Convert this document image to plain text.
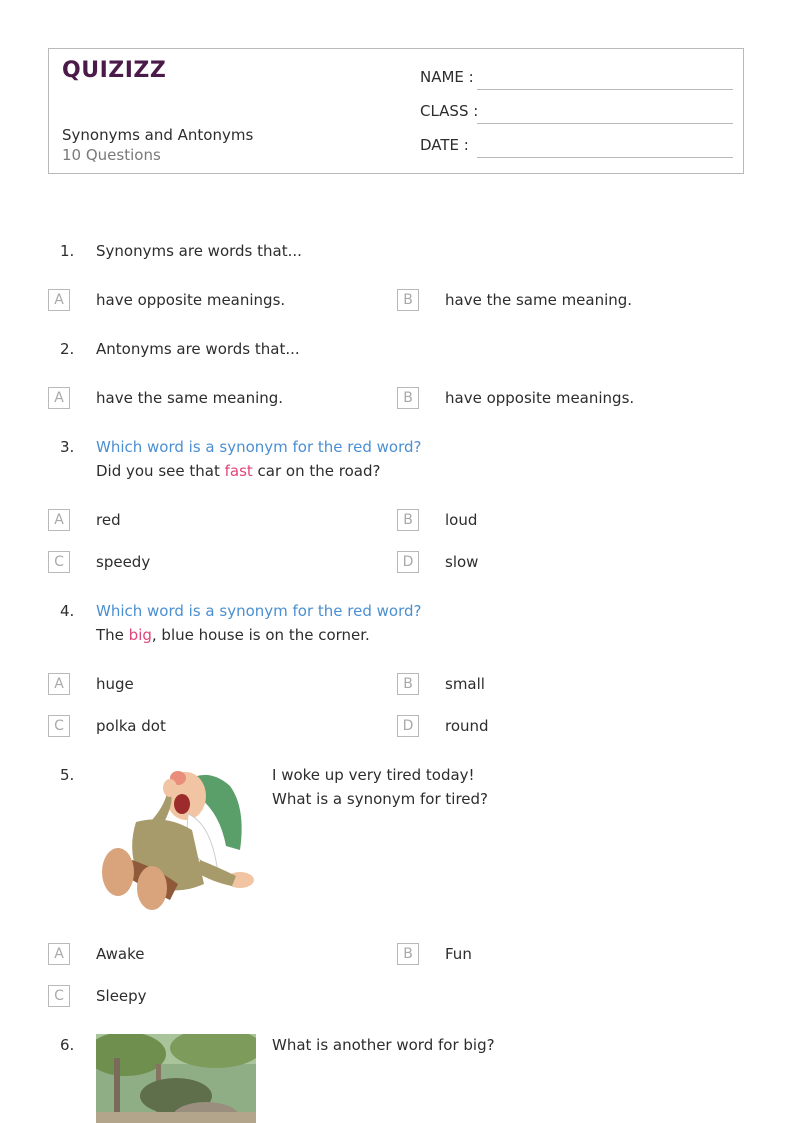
QUIZIZZ
Synonyms and Antonyms
10 Questions
NAME :
CLASS :
DATE :
1. Synonyms are words that...
A	have opposite meanings.	B	have the same meaning.
2. Antonyms are words that...
A	have the same meaning.	B	have opposite meanings.
3. Which word is a synonym for the red word?
Did you see that fast car on the road?
A	red	B	loud
C	speedy	D	slow
4. Which word is a synonym for the red word?
The big, blue house is on the corner.
A	huge	B	small
C	polka dot	D	round
5.	I woke up very tired today!
What is a synonym for tired?
A	Awake	B	Fun
C	Sleepy
6.	What is another word for big?
